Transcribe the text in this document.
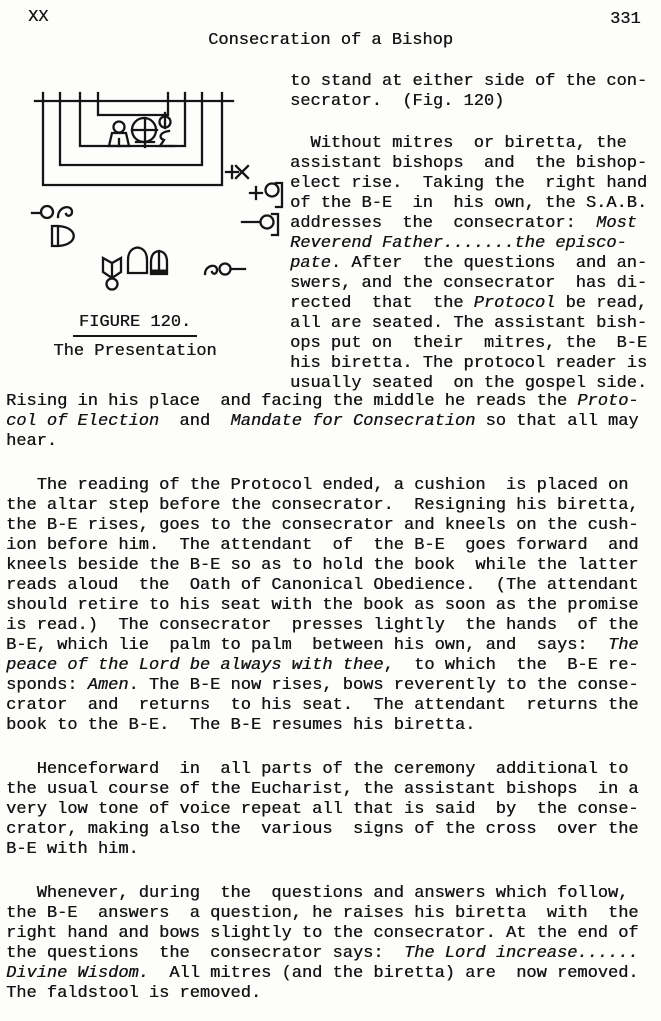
XX	331
Consecration of a Bishop
FIGURE 120.
The Presentation
to stand at either side of the con-
secrator.  (Fig. 120)
Without mitres  or biretta, the
assistant bishops  and  the bishop-
elect rise.  Taking the  right hand
of the B-E  in  his own, the S.A.B.
addresses  the  consecrator:  Most
Reverend Father.......the episco-
pate. After  the questions  and an-
swers, and the consecrator  has di-
rected  that  the Protocol be read,
all are seated. The assistant bish-
ops put on  their  mitres, the  B-E
his biretta. The protocol reader is
usually seated  on the gospel side.
Rising in his place  and facing the middle he reads the Proto-
col of Election  and  Mandate for Consecration so that all may
hear.
The reading of the Protocol ended, a cushion  is placed on
the altar step before the consecrator.  Resigning his biretta,
the B-E rises, goes to the consecrator and kneels on the cush-
ion before him.  The attendant  of  the B-E  goes forward  and
kneels beside the B-E so as to hold the book  while the latter
reads aloud  the  Oath of Canonical Obedience.  (The attendant
should retire to his seat with the book as soon as the promise
is read.)  The consecrator  presses lightly  the hands  of the
B-E, which lie  palm to palm  between his own, and  says:  The
peace of the Lord be always with thee,  to which  the  B-E re-
sponds: Amen. The B-E now rises, bows reverently to the conse-
crator  and  returns  to his seat.  The attendant  returns the
book to the B-E.  The B-E resumes his biretta.
Henceforward  in  all parts of the ceremony  additional to
the usual course of the Eucharist, the assistant bishops  in a
very low tone of voice repeat all that is said  by  the conse-
crator, making also the  various  signs of the cross  over the
B-E with him.
Whenever, during  the  questions and answers which follow,
the B-E  answers  a question, he raises his biretta  with  the
right hand and bows slightly to the consecrator. At the end of
the questions  the  consecrator says:  The Lord increase......
Divine Wisdom.  All mitres (and the biretta) are  now removed.
The faldstool is removed.
